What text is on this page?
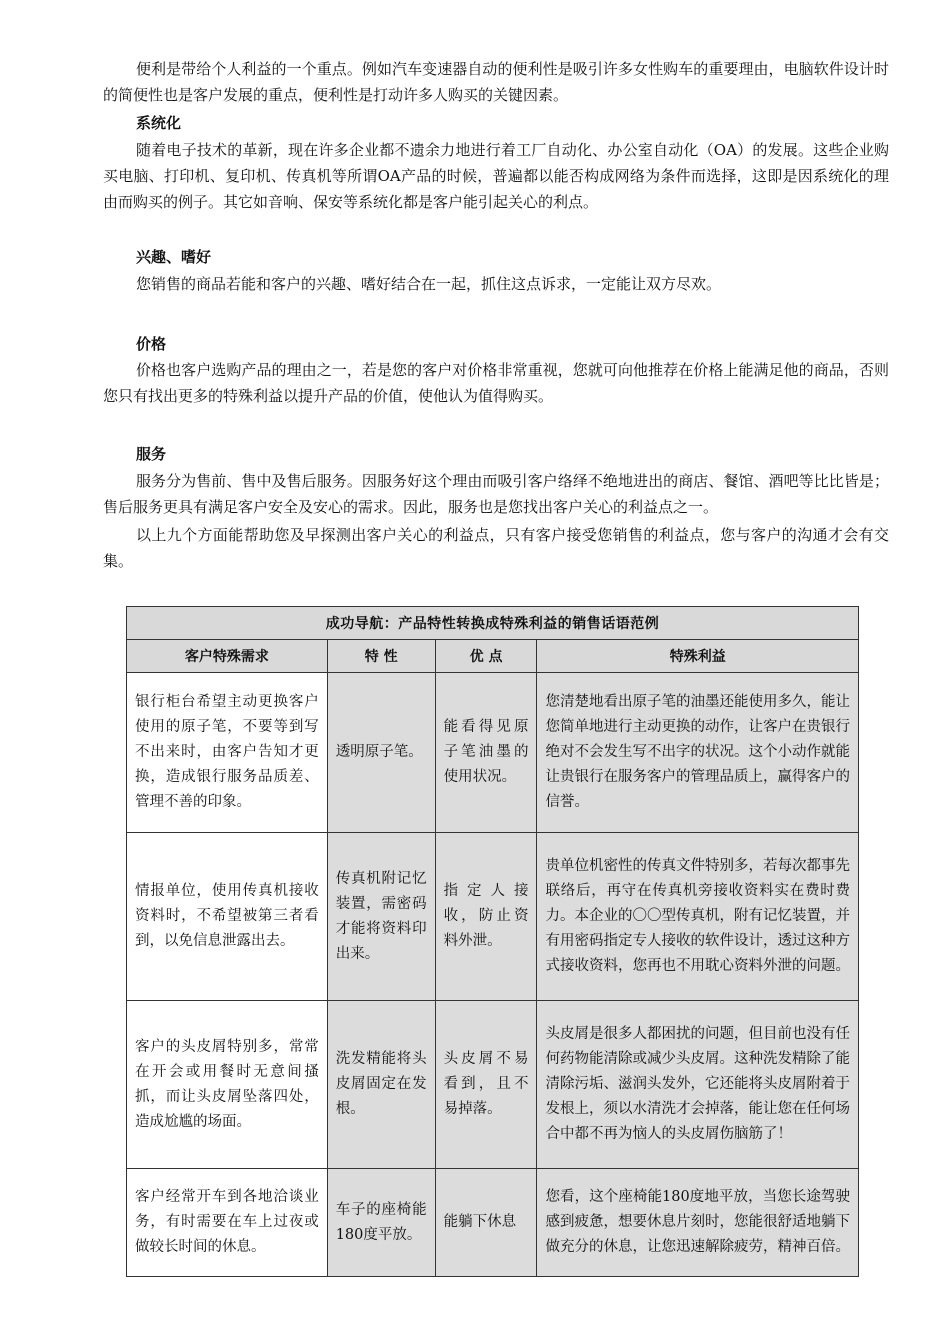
便利是带给个人利益的一个重点。例如汽车变速器自动的便利性是吸引许多女性购车的重要理由，电脑软件设计时的简便性也是客户发展的重点，便利性是打动许多人购买的关键因素。

系统化

随着电子技术的革新，现在许多企业都不遗余力地进行着工厂自动化、办公室自动化（OA）的发展。这些企业购买电脑、打印机、复印机、传真机等所谓OA产品的时候，普遍都以能否构成网络为条件而选择，这即是因系统化的理由而购买的例子。其它如音响、保安等系统化都是客户能引起关心的利点。

兴趣、嗜好

您销售的商品若能和客户的兴趣、嗜好结合在一起，抓住这点诉求，一定能让双方尽欢。

价格

价格也客户选购产品的理由之一，若是您的客户对价格非常重视，您就可向他推荐在价格上能满足他的商品，否则您只有找出更多的特殊利益以提升产品的价值，使他认为值得购买。

服务

服务分为售前、售中及售后服务。因服务好这个理由而吸引客户络绎不绝地进出的商店、餐馆、酒吧等比比皆是；售后服务更具有满足客户安全及安心的需求。因此，服务也是您找出客户关心的利益点之一。

以上九个方面能帮助您及早探测出客户关心的利益点，只有客户接受您销售的利益点，您与客户的沟通才会有交集。

成功导航：产品特性转换成特殊利益的销售话语范例			
客户特殊需求	特 性	优 点	特殊利益
银行柜台希望主动更换客户使用的原子笔，不要等到写不出来时，由客户告知才更换，造成银行服务品质差、管理不善的印象。	透明原子笔。	能看得见原子笔油墨的使用状况。	您清楚地看出原子笔的油墨还能使用多久，能让您简单地进行主动更换的动作，让客户在贵银行绝对不会发生写不出字的状况。这个小动作就能让贵银行在服务客户的管理品质上，赢得客户的信誉。
情报单位，使用传真机接收资料时，不希望被第三者看到，以免信息泄露出去。	传真机附记忆装置，需密码才能将资料印出来。	指定人接收，防止资料外泄。	贵单位机密性的传真文件特别多，若每次都事先联络后，再守在传真机旁接收资料实在费时费力。本企业的〇〇型传真机，附有记忆装置，并有用密码指定专人接收的软件设计，透过这种方式接收资料，您再也不用耽心资料外泄的问题。
客户的头皮屑特别多，常常在开会或用餐时无意间搔抓，而让头皮屑坠落四处，造成尬尴的场面。	洗发精能将头皮屑固定在发根。	头皮屑不易看到，且不易掉落。	头皮屑是很多人都困扰的问题，但目前也没有任何药物能清除或减少头皮屑。这种洗发精除了能清除污垢、滋润头发外，它还能将头皮屑附着于发根上，须以水清洗才会掉落，能让您在任何场合中都不再为恼人的头皮屑伤脑筋了！
客户经常开车到各地洽谈业务，有时需要在车上过夜或做较长时间的休息。	车子的座椅能180度平放。	能躺下休息	您看，这个座椅能180度地平放，当您长途驾驶感到疲惫，想要休息片刻时，您能很舒适地躺下做充分的休息，让您迅速解除疲劳，精神百倍。
